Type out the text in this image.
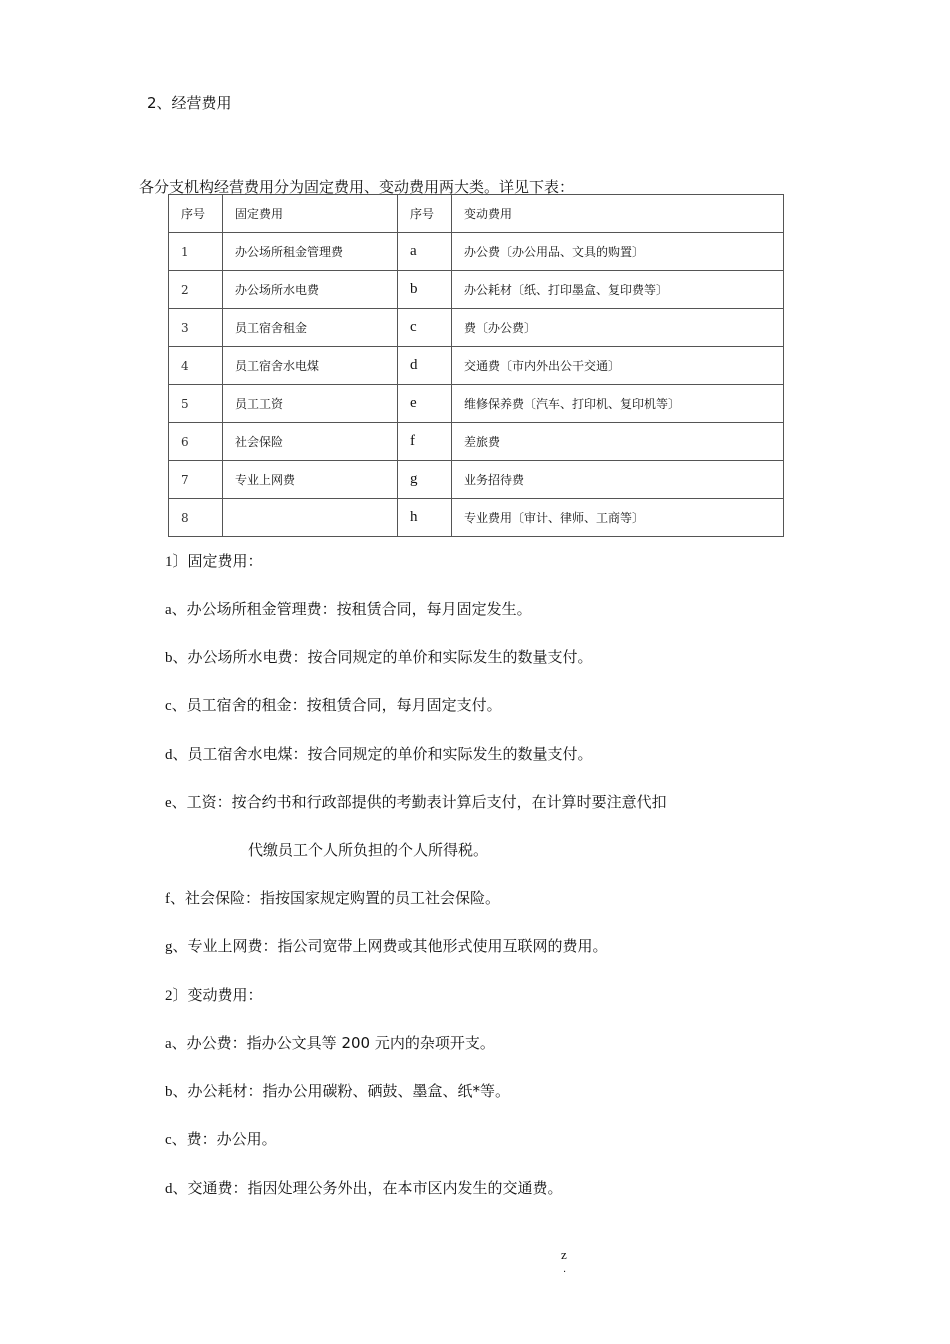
2、经营费用
各分支机构经营费用分为固定费用、变动费用两大类。详见下表：
序号	固定费用	序号	变动费用
1	办公场所租金管理费	a	办公费〔办公用品、文具的购置〕
2	办公场所水电费	b	办公耗材〔纸、打印墨盒、复印费等〕
3	员工宿舍租金	c	费〔办公费〕
4	员工宿舍水电煤	d	交通费〔市内外出公干交通〕
5	员工工资	e	维修保养费〔汽车、打印机、复印机等〕
6	社会保险	f	差旅费
7	专业上网费	g	业务招待费
8		h	专业费用〔审计、律师、工商等〕
1〕固定费用：
a、办公场所租金管理费：按租赁合同，每月固定发生。
b、办公场所水电费：按合同规定的单价和实际发生的数量支付。
c、员工宿舍的租金：按租赁合同，每月固定支付。
d、员工宿舍水电煤：按合同规定的单价和实际发生的数量支付。
e、工资：按合约书和行政部提供的考勤表计算后支付，在计算时要注意代扣
代缴员工个人所负担的个人所得税。
f、社会保险：指按国家规定购置的员工社会保险。
g、专业上网费：指公司宽带上网费或其他形式使用互联网的费用。
2〕变动费用：
a、办公费：指办公文具等 200 元内的杂项开支。
b、办公耗材：指办公用碳粉、硒鼓、墨盒、纸*等。
c、费：办公用。
d、交通费：指因处理公务外出，在本市区内发生的交通费。
z
.
